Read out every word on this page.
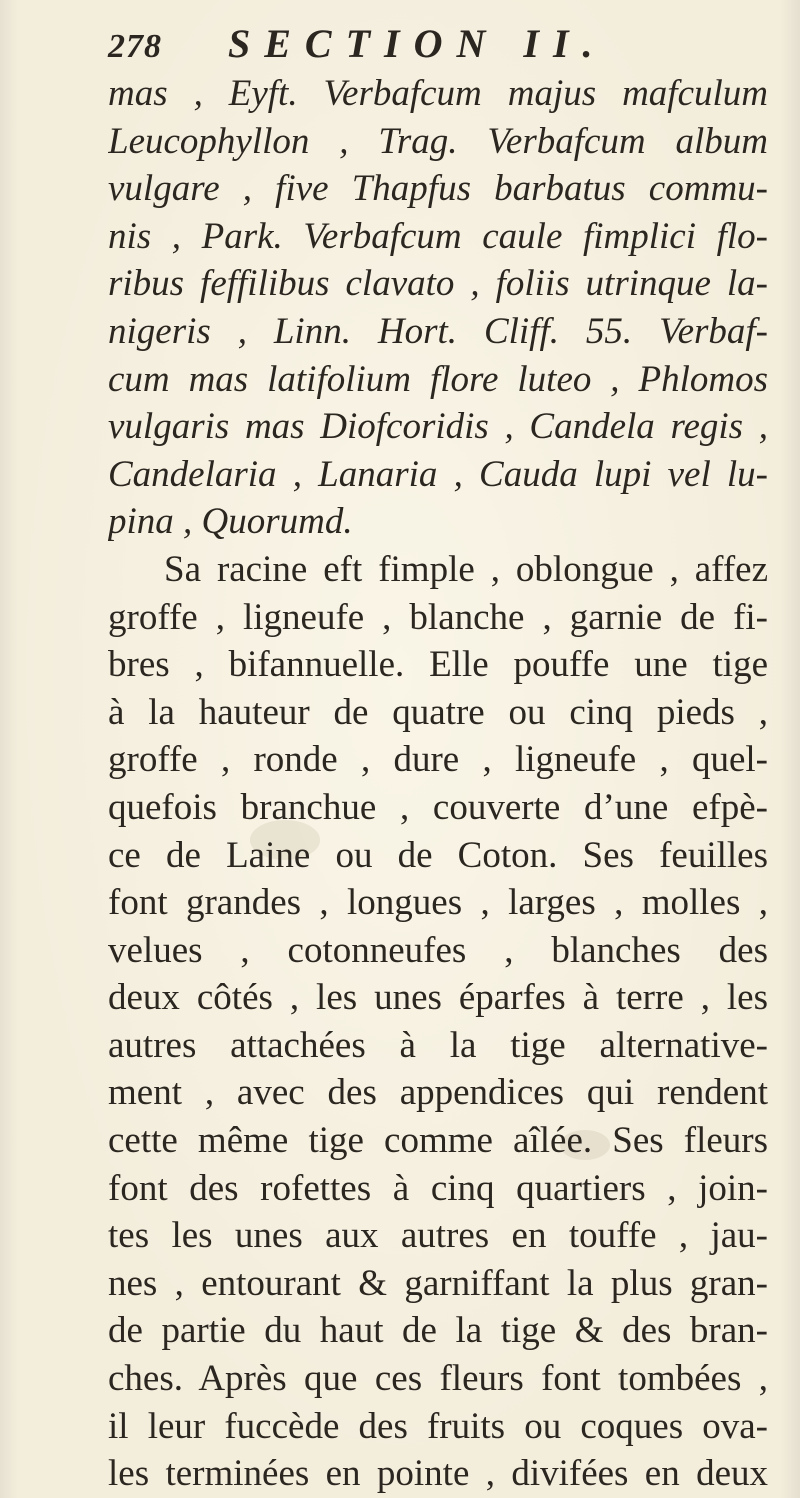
278	SECTION II.
mas , Eyft. Verbafcum majus mafculum
Leucophyllon , Trag. Verbafcum album
vulgare , five Thapfus barbatus commu-
nis , Park. Verbafcum caule fimplici flo-
ribus feffilibus clavato , foliis utrinque la-
nigeris , Linn. Hort. Cliff. 55. Verbaf-
cum mas latifolium flore luteo , Phlomos
vulgaris mas Diofcoridis , Candela regis ,
Candelaria , Lanaria , Cauda lupi vel lu-
pina , Quorumd.
Sa racine eft fimple , oblongue , affez
groffe , ligneufe , blanche , garnie de fi-
bres , bifannuelle. Elle pouffe une tige
à la hauteur de quatre ou cinq pieds ,
groffe , ronde , dure , ligneufe , quel-
quefois branchue , couverte d’une efpè-
ce de Laine ou de Coton. Ses feuilles
font grandes , longues , larges , molles ,
velues , cotonneufes , blanches des
deux côtés , les unes éparfes à terre , les
autres attachées à la tige alternative-
ment , avec des appendices qui rendent
cette même tige comme aîlée. Ses fleurs
font des rofettes à cinq quartiers , join-
tes les unes aux autres en touffe , jau-
nes , entourant & garniffant la plus gran-
de partie du haut de la tige & des bran-
ches. Après que ces fleurs font tombées ,
il leur fuccède des fruits ou coques ova-
les terminées en pointe , divifées en deux
